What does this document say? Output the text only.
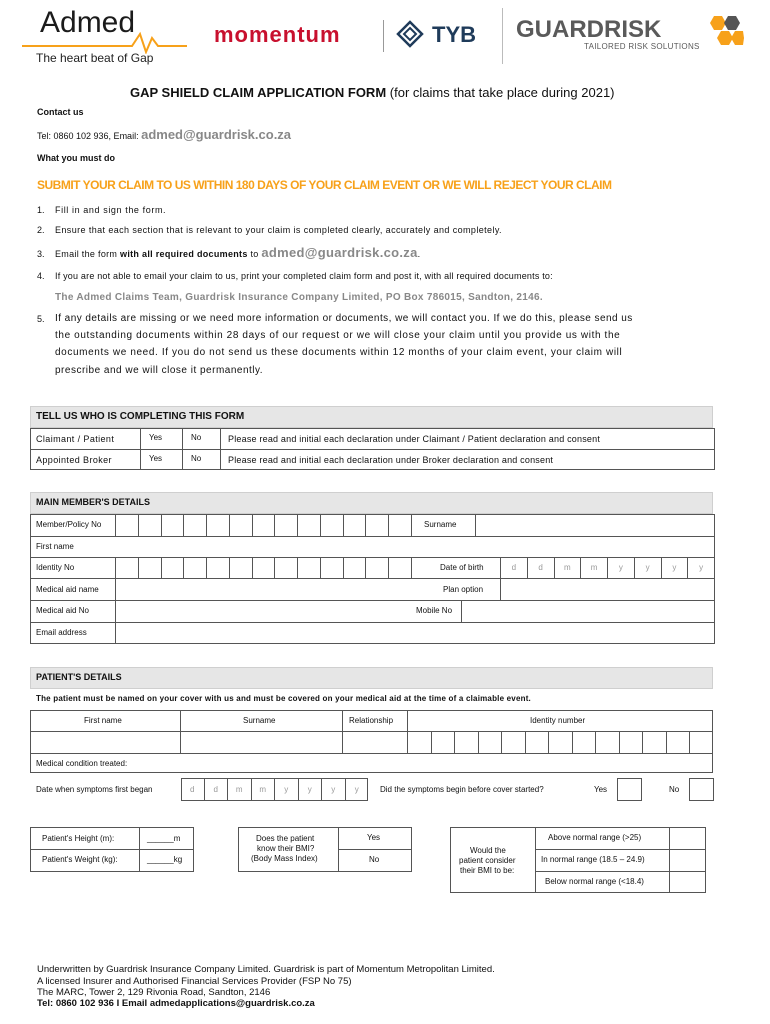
Admed
The heart beat of Gap
momentum	TYB GUARDRISK
TAILORED RISK SOLUTIONS
GAP SHIELD CLAIM APPLICATION FORM (for claims that take place during 2021)
Contact us
Tel: 0860 102 936, Email: admed@guardrisk.co.za
What you must do
SUBMIT YOUR CLAIM TO US WITHIN 180 DAYS OF YOUR CLAIM EVENT OR WE WILL REJECT YOUR CLAIM
1. Fill in and sign the form.
2. Ensure that each section that is relevant to your claim is completed clearly, accurately and completely.
3. Email the form with all required documents to admed@guardrisk.co.za.
4. If you are not able to email your claim to us, print your completed claim form and post it, with all required documents to:
The Admed Claims Team, Guardrisk Insurance Company Limited, PO Box 786015, Sandton, 2146.
5. If any details are missing or we need more information or documents, we will contact you. If we do this, please send us
the outstanding documents within 28 days of our request or we will close your claim until you provide us with the
documents we need. If you do not send us these documents within 12 months of your claim event, your claim will
prescribe and we will close it permanently.
TELL US WHO IS COMPLETING THIS FORM
Claimant / Patient	Yes	No	Please read and initial each declaration under Claimant / Patient declaration and consent
Appointed Broker	Yes	No	Please read and initial each declaration under Broker declaration and consent
MAIN MEMBER'S DETAILS
Member/Policy No	Surname
First name
Identity No	Date of birth	d	d	m	m	y	y	y	y
Medical aid name	Plan option
Medical aid No	Mobile No
Email address
PATIENT'S DETAILS
The patient must be named on your cover with us and must be covered on your medical aid at the time of a claimable event.
First name	Surname	Relationship	Identity number
Medical condition treated:
Date when symptoms first began	d	d	m	m	y	y	y	y	Did the symptoms begin before cover started?	Yes	No
Patient's Height (m):	______m
Patient's Weight (kg):	______kg
Does the patient
know their BMI?
(Body Mass Index)
Yes
No
Would the
patient consider
their BMI to be:
Above normal range (>25)
In normal range (18.5 – 24.9)
Below normal range (<18.4)
Underwritten by Guardrisk Insurance Company Limited. Guardrisk is part of Momentum Metropolitan Limited.
A licensed Insurer and Authorised Financial Services Provider (FSP No 75)
The MARC, Tower 2, 129 Rivonia Road, Sandton, 2146
Tel: 0860 102 936 I Email admedapplications@guardrisk.co.za
